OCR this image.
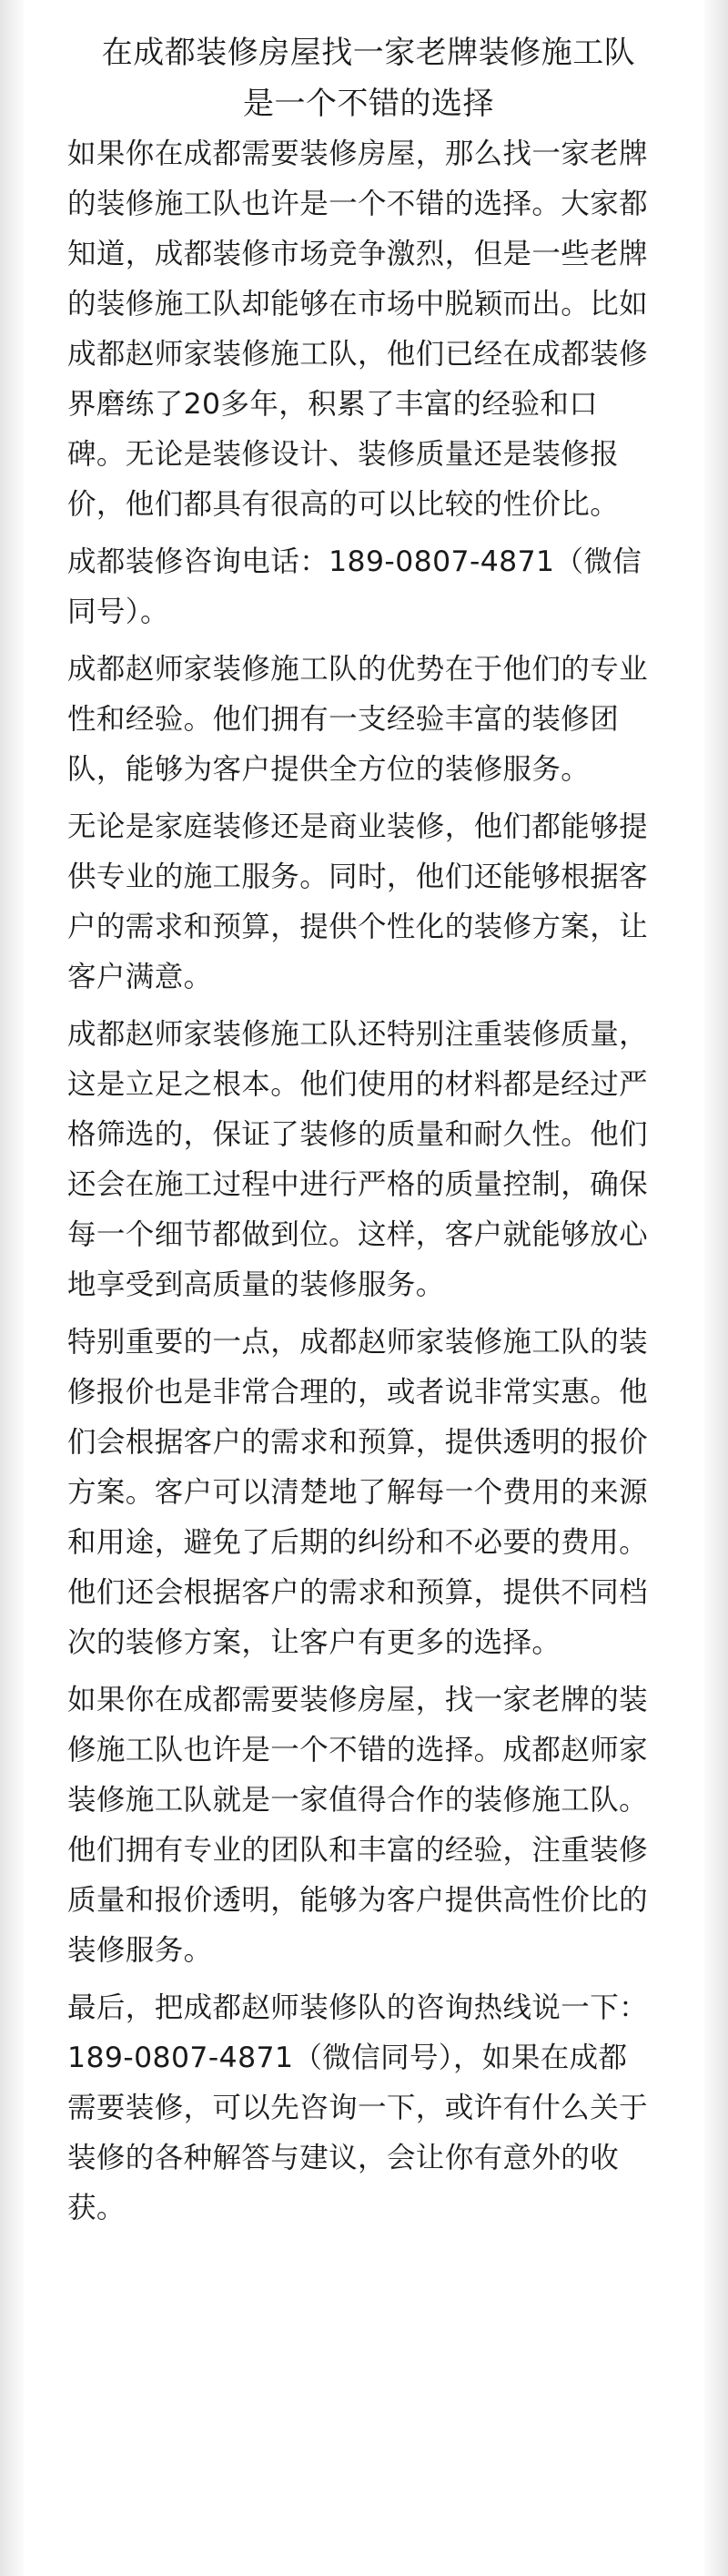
在成都装修房屋找一家老牌装修施工队
是一个不错的选择

如果你在成都需要装修房屋，那么找一家老牌的装修施工队也许是一个不错的选择。大家都知道，成都装修市场竞争激烈，但是一些老牌的装修施工队却能够在市场中脱颖而出。比如成都赵师家装修施工队，他们已经在成都装修界磨练了20多年，积累了丰富的经验和口碑。无论是装修设计、装修质量还是装修报价，他们都具有很高的可以比较的性价比。

成都装修咨询电话：189-0807-4871（微信同号）。

成都赵师家装修施工队的优势在于他们的专业性和经验。他们拥有一支经验丰富的装修团队，能够为客户提供全方位的装修服务。

无论是家庭装修还是商业装修，他们都能够提供专业的施工服务。同时，他们还能够根据客户的需求和预算，提供个性化的装修方案，让客户满意。

成都赵师家装修施工队还特别注重装修质量，这是立足之根本。他们使用的材料都是经过严格筛选的，保证了装修的质量和耐久性。他们还会在施工过程中进行严格的质量控制，确保每一个细节都做到位。这样，客户就能够放心地享受到高质量的装修服务。

特别重要的一点，成都赵师家装修施工队的装修报价也是非常合理的，或者说非常实惠。他们会根据客户的需求和预算，提供透明的报价方案。客户可以清楚地了解每一个费用的来源和用途，避免了后期的纠纷和不必要的费用。他们还会根据客户的需求和预算，提供不同档次的装修方案，让客户有更多的选择。

如果你在成都需要装修房屋，找一家老牌的装修施工队也许是一个不错的选择。成都赵师家装修施工队就是一家值得合作的装修施工队。他们拥有专业的团队和丰富的经验，注重装修质量和报价透明，能够为客户提供高性价比的装修服务。

最后，把成都赵师装修队的咨询热线说一下：189-0807-4871（微信同号），如果在成都需要装修，可以先咨询一下，或许有什么关于装修的各种解答与建议，会让你有意外的收获。
